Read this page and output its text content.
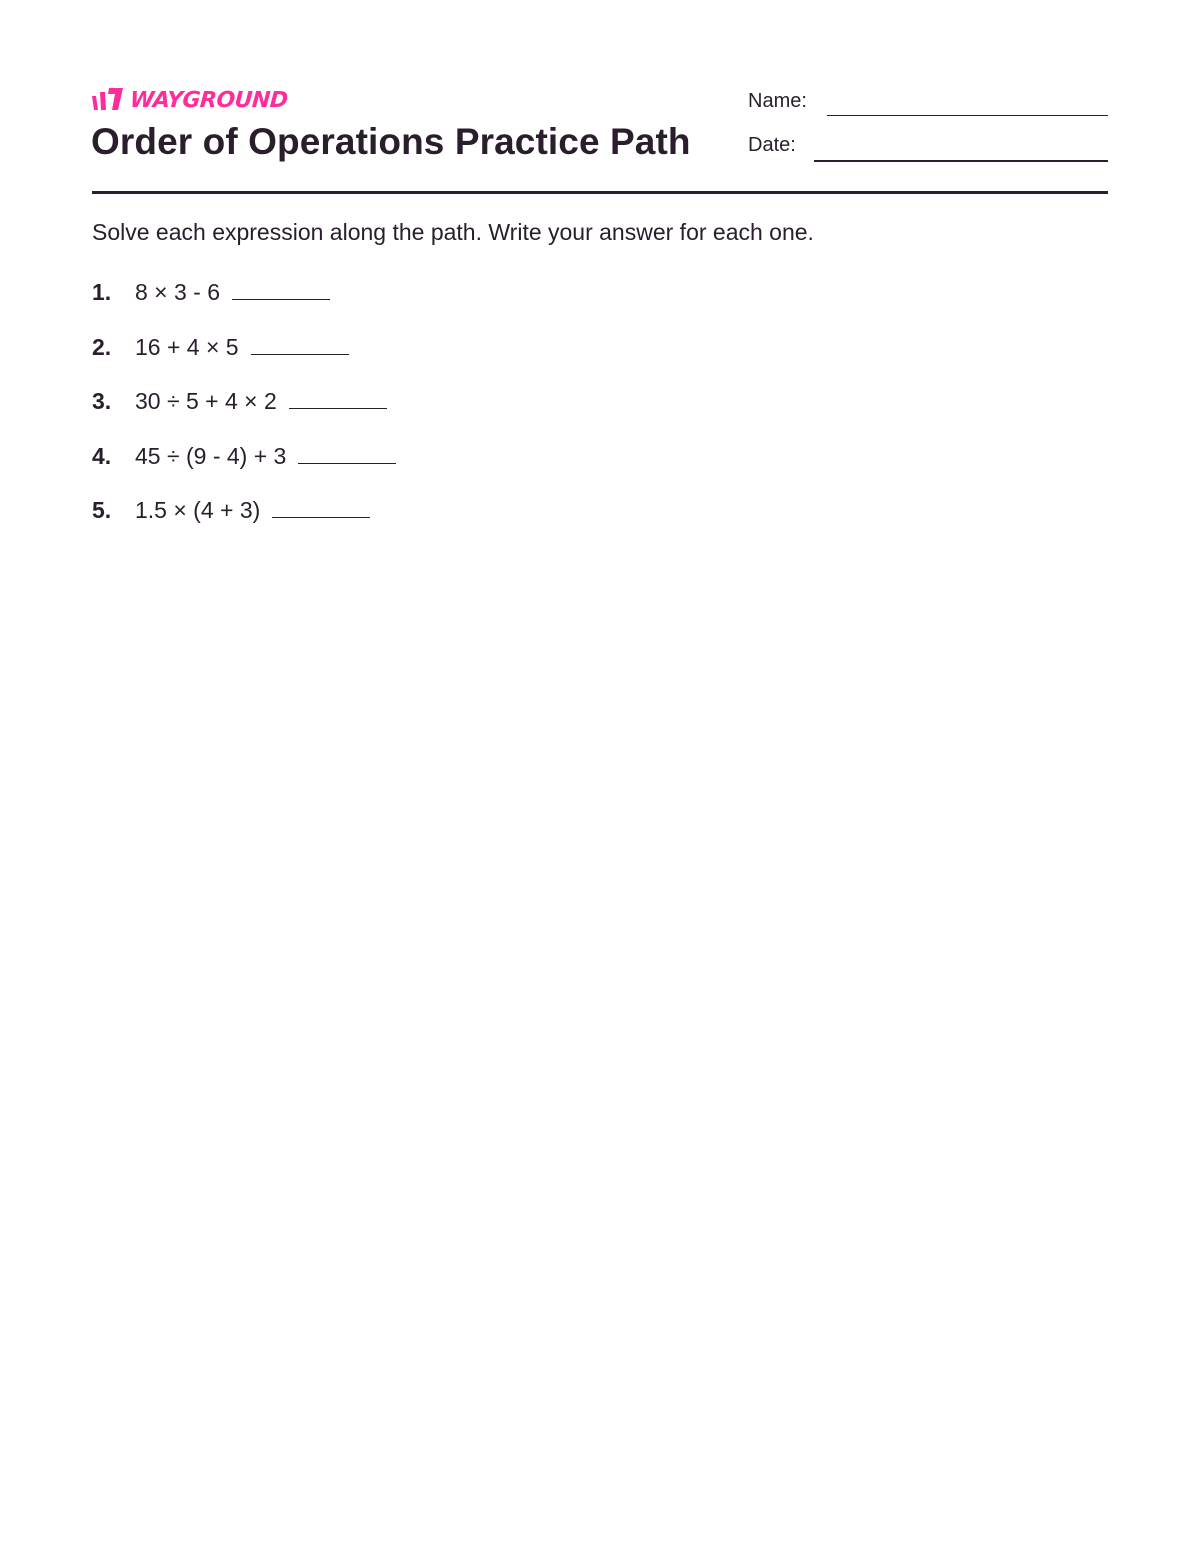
WAYGROUND
Order of Operations Practice Path
Name:
Date:

Solve each expression along the path. Write your answer for each one.

1.	8 × 3 - 6
2.	16 + 4 × 5
3.	30 ÷ 5 + 4 × 2
4.	45 ÷ (9 - 4) + 3
5.	1.5 × (4 + 3)
